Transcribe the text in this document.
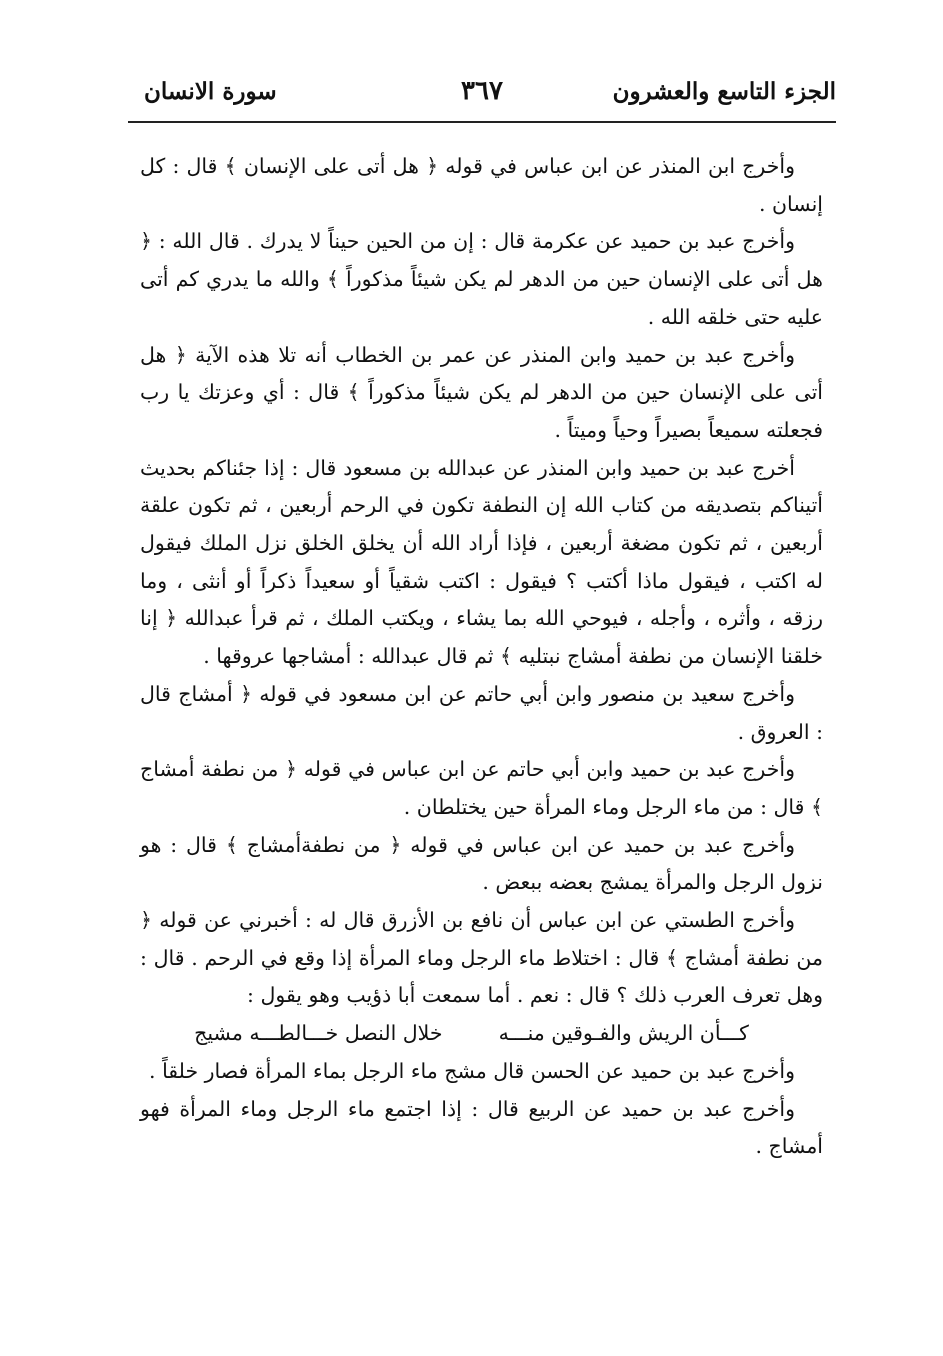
الجزء التاسع والعشرون
٣٦٧
سورة الانسان

وأخرج ابن المنذر عن ابن عباس في قوله ﴿ هل أتى على الإنسان ﴾ قال : كل إنسان .

وأخرج عبد بن حميد عن عكرمة قال : إن من الحين حيناً لا يدرك . قال الله : ﴿ هل أتى على الإنسان حين من الدهر لم يكن شيئاً مذكوراً ﴾ والله ما يدري كم أتى عليه حتى خلقه الله .

وأخرج عبد بن حميد وابن المنذر عن عمر بن الخطاب أنه تلا هذه الآية ﴿ هل أتى على الإنسان حين من الدهر لم يكن شيئاً مذكوراً ﴾ قال : أي وعزتك يا رب فجعلته سميعاً بصيراً وحياً وميتاً .

أخرج عبد بن حميد وابن المنذر عن عبدالله بن مسعود قال : إذا جئناكم بحديث أتيناكم بتصديقه من كتاب الله إن النطفة تكون في الرحم أربعين ، ثم تكون علقة أربعين ، ثم تكون مضغة أربعين ، فإذا أراد الله أن يخلق الخلق نزل الملك فيقول له اكتب ، فيقول ماذا أكتب ؟ فيقول : اكتب شقياً أو سعيداً ذكراً أو أنثى ، وما رزقه ، وأثره ، وأجله ، فيوحي الله بما يشاء ، ويكتب الملك ، ثم قرأ عبدالله ﴿ إنا خلقنا الإنسان من نطفة أمشاج نبتليه ﴾ ثم قال عبدالله : أمشاجها عروقها .

وأخرج سعيد بن منصور وابن أبي حاتم عن ابن مسعود في قوله ﴿ أمشاج قال : العروق .

وأخرج عبد بن حميد وابن أبي حاتم عن ابن عباس في قوله ﴿ من نطفة أمشاج ﴾ قال : من ماء الرجل وماء المرأة حين يختلطان .

وأخرج عبد بن حميد عن ابن عباس في قوله ﴿ من نطفةأمشاج ﴾ قال : هو نزول الرجل والمرأة يمشج بعضه ببعض .

وأخرج الطستي عن ابن عباس أن نافع بن الأزرق قال له : أخبرني عن قوله ﴿ من نطفة أمشاج ﴾ قال : اختلاط ماء الرجل وماء المرأة إذا وقع في الرحم . قال : وهل تعرف العرب ذلك ؟ قال : نعم . أما سمعت أبا ذؤيب وهو يقول :

كـــأن الريش والفـوقين منـــه
خلال النصل خـــالطـــه مشيج

وأخرج عبد بن حميد عن الحسن قال مشج ماء الرجل بماء المرأة فصار خلقاً .

وأخرج عبد بن حميد عن الربيع قال : إذا اجتمع ماء الرجل وماء المرأة فهو أمشاج .
